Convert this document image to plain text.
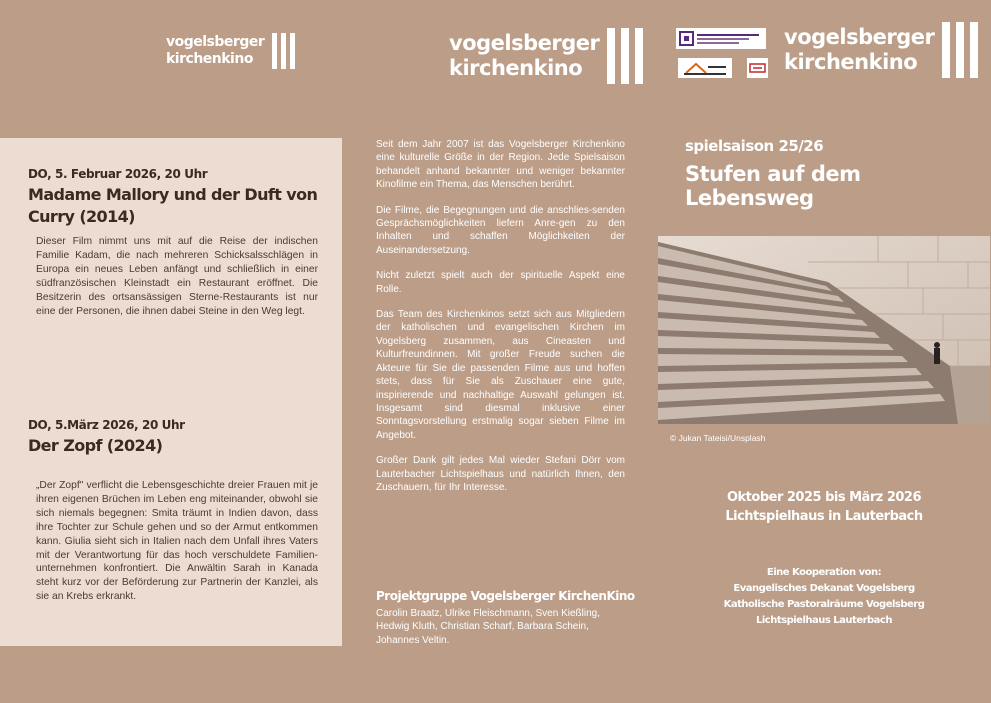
vogelsberger
kirchenkino
vogelsberger
kirchenkino
vogelsberger
kirchenkino
DO, 5. Februar 2026, 20 Uhr
Madame Mallory und der Duft von Curry (2014)
Dieser Film nimmt uns mit auf die Reise der indischen Familie Kadam, die nach mehreren Schicksalsschlägen in Europa ein neues Leben anfängt und schließlich in einer südfranzösischen Kleinstadt ein Restaurant eröffnet. Die Besitzerin des ortsansässigen Sterne-Restaurants ist nur eine der Personen, die ihnen dabei Steine in den Weg legt.
DO, 5.März 2026, 20 Uhr
Der Zopf (2024)
„Der Zopf" verflicht die Lebensgeschichte dreier Frauen mit je ihren eigenen Brüchen im Leben eng miteinander, obwohl sie sich niemals begegnen: Smita träumt in Indien davon, dass ihre Tochter zur Schule gehen und so der Armut entkommen kann. Giulia sieht sich in Italien nach dem Unfall ihres Vaters mit der Verantwortung für das hoch verschuldete Familien-unternehmen konfrontiert. Die Anwältin Sarah in Kanada steht kurz vor der Beförderung zur Partnerin der Kanzlei, als sie an Krebs erkrankt.

Seit dem Jahr 2007 ist das Vogelsberger Kirchenkino eine kulturelle Größe in der Region. Jede Spielsaison behandelt anhand bekannter und weniger bekannter Kinofilme ein Thema, das Menschen berührt.

Die Filme, die Begegnungen und die anschlies-senden Gesprächsmöglichkeiten liefern Anre-gen zu den Inhalten und schaffen Möglichkeiten der Auseinandersetzung.

Nicht zuletzt spielt auch der spirituelle Aspekt eine Rolle.

Das Team des Kirchenkinos setzt sich aus Mitgliedern der katholischen und evangelischen Kirchen im Vogelsberg zusammen, aus Cineasten und Kulturfreundinnen. Mit großer Freude suchen die Akteure für Sie die passenden Filme aus und hoffen stets, dass für Sie als Zuschauer eine gute, inspirierende und nachhaltige Auswahl gelungen ist. Insgesamt sind diesmal inklusive einer Sonntagsvorstellung erstmalig sogar sieben Filme im Angebot.

Großer Dank gilt jedes Mal wieder Stefani Dörr vom Lauterbacher Lichtspielhaus und natürlich Ihnen, den Zuschauern, für Ihr Interesse.

Projektgruppe Vogelsberger KirchenKino
Carolin Braatz, Ulrike Fleischmann, Sven Kießling, Hedwig Kluth, Christian Scharf, Barbara Schein, Johannes Veltin.
spielsaison 25/26
Stufen auf dem Lebensweg
© Jukan Tateisi/Unsplash
Oktober 2025 bis März 2026
Lichtspielhaus in Lauterbach
Eine Kooperation von:
Evangelisches Dekanat Vogelsberg
Katholische Pastoralräume Vogelsberg
Lichtspielhaus Lauterbach
